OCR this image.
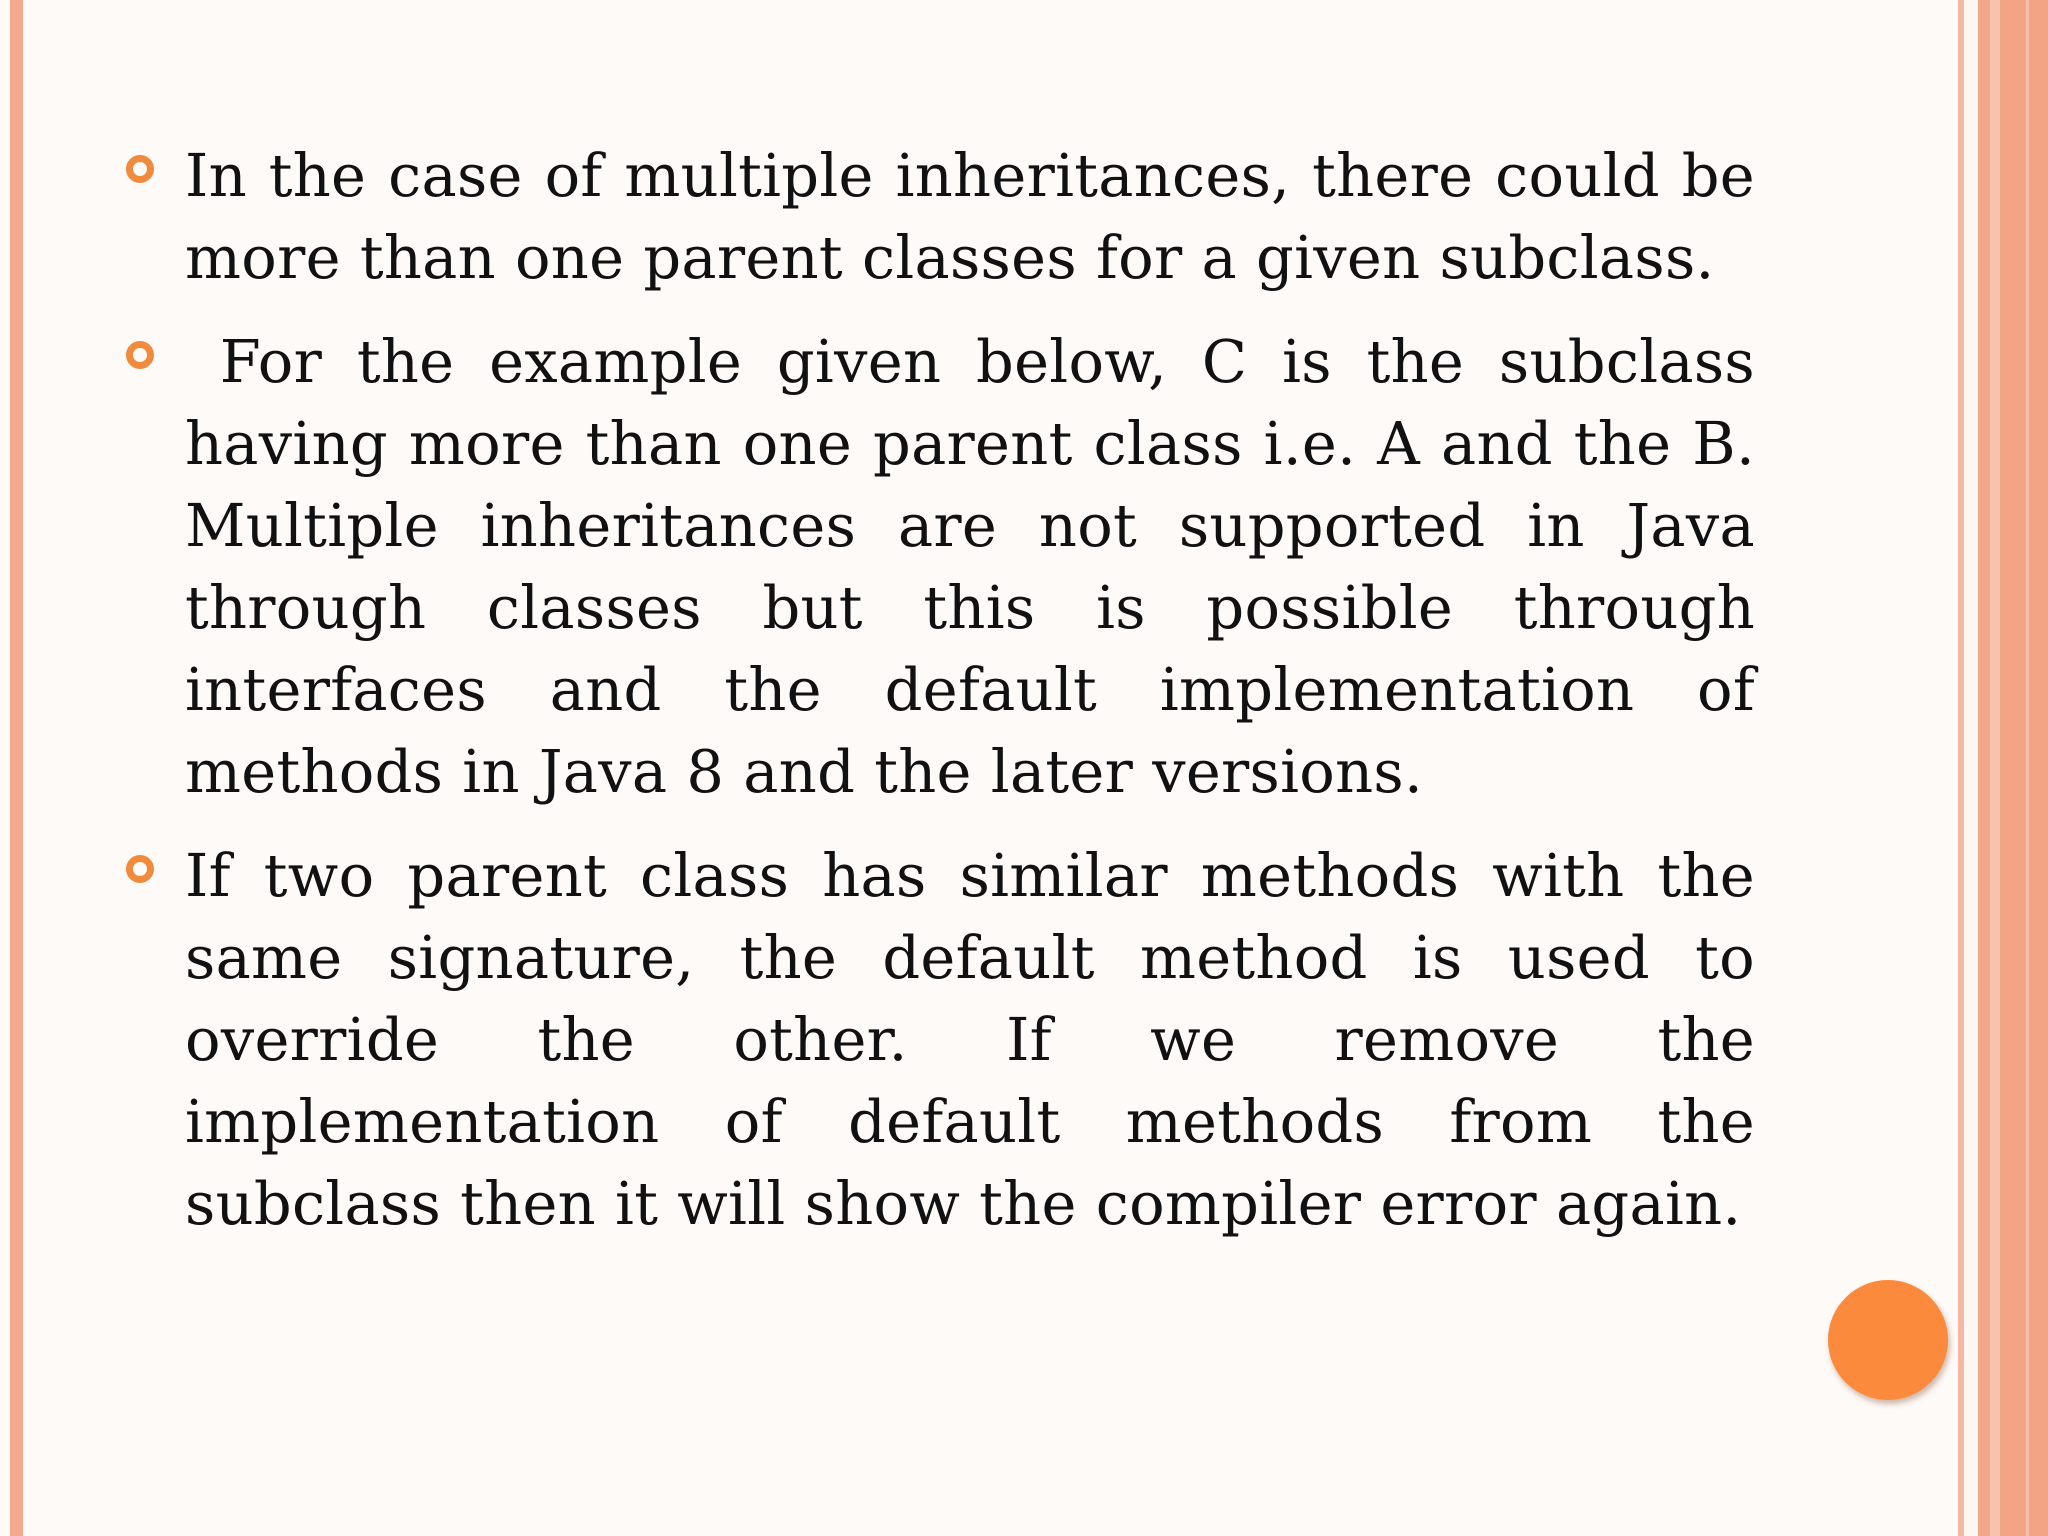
In the case of multiple inheritances, there could be more than one parent classes for a given subclass.

For the example given below, C is the subclass having more than one parent class i.e. A and the B. Multiple inheritances are not supported in Java through classes but this is possible through interfaces and the default implementation of methods in Java 8 and the later versions.

If two parent class has similar methods with the same signature, the default method is used to override the other. If we remove the implementation of default methods from the subclass then it will show the compiler error again.
